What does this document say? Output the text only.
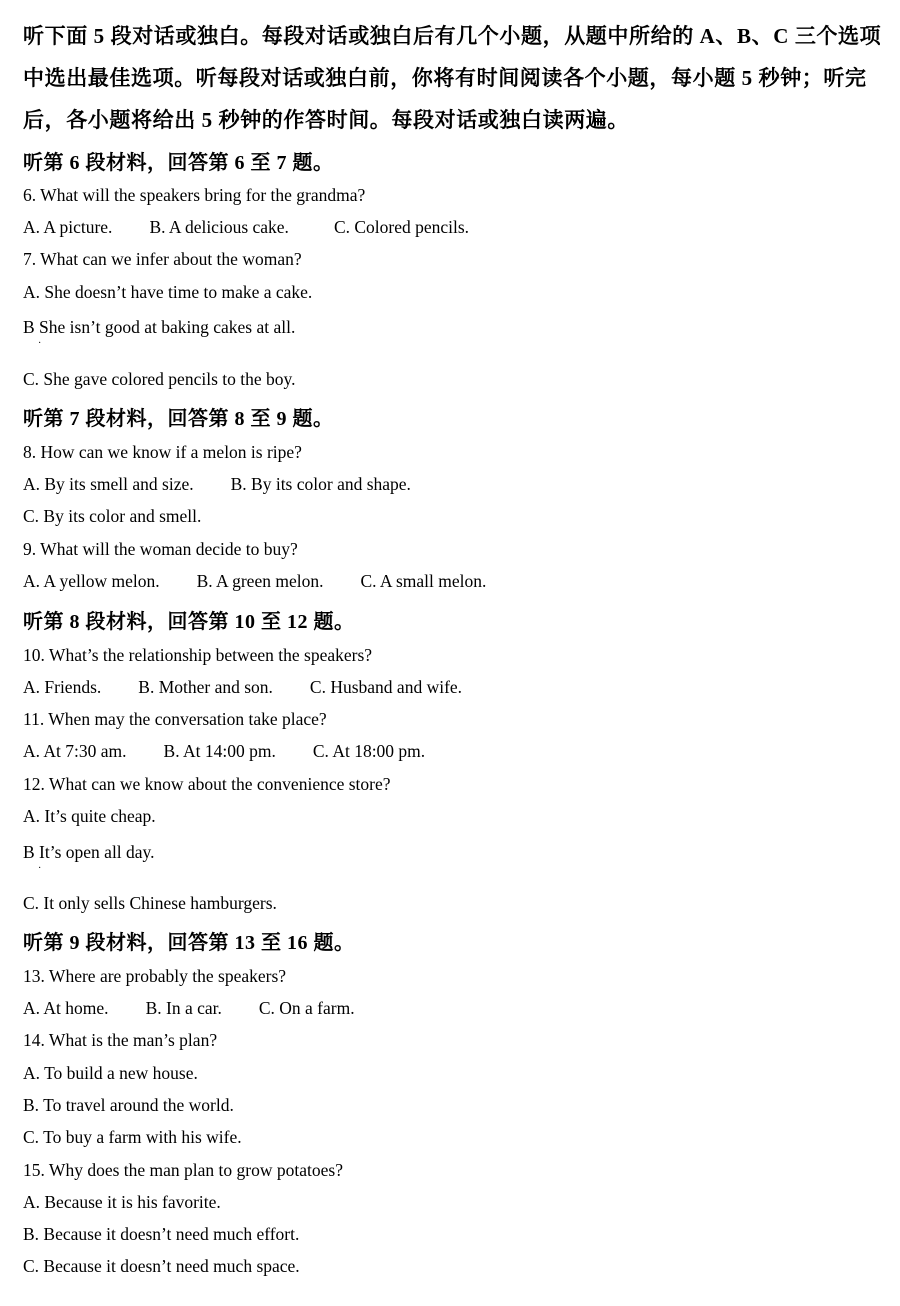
听下面 5 段对话或独白。每段对话或独白后有几个小题，从题中所给的 A、B、C 三个选项
中选出最佳选项。听每段对话或独白前，你将有时间阅读各个小题，每小题 5 秒钟；听完
后，各小题将给出 5 秒钟的作答时间。每段对话或独白读两遍。
听第 6 段材料，回答第 6 至 7 题。
6. What will the speakers bring for the grandma?
A. A picture. B. A delicious cake.	C. Colored pencils.
7. What can we infer about the woman?
A. She doesn’t have time to make a cake.
B She isn’t good at baking cakes at all.
·
C. She gave colored pencils to the boy.
听第 7 段材料，回答第 8 至 9 题。
8. How can we know if a melon is ripe?
A. By its smell and size. B. By its color and shape.
C. By its color and smell.
9. What will the woman decide to buy?
A. A yellow melon. B. A green melon. C. A small melon.
听第 8 段材料，回答第 10 至 12 题。
10. What’s the relationship between the speakers?
A. Friends. B. Mother and son. C. Husband and wife.
11. When may the conversation take place?
A. At 7:30 am. B. At 14:00 pm. C. At 18:00 pm.
12. What can we know about the convenience store?
A. It’s quite cheap.
B It’s open all day.
·
C. It only sells Chinese hamburgers.
听第 9 段材料，回答第 13 至 16 题。
13. Where are probably the speakers?
A. At home. B. In a car. C. On a farm.
14. What is the man’s plan?
A. To build a new house.
B. To travel around the world.
C. To buy a farm with his wife.
15. Why does the man plan to grow potatoes?
A. Because it is his favorite.
B. Because it doesn’t need much effort.
C. Because it doesn’t need much space.
